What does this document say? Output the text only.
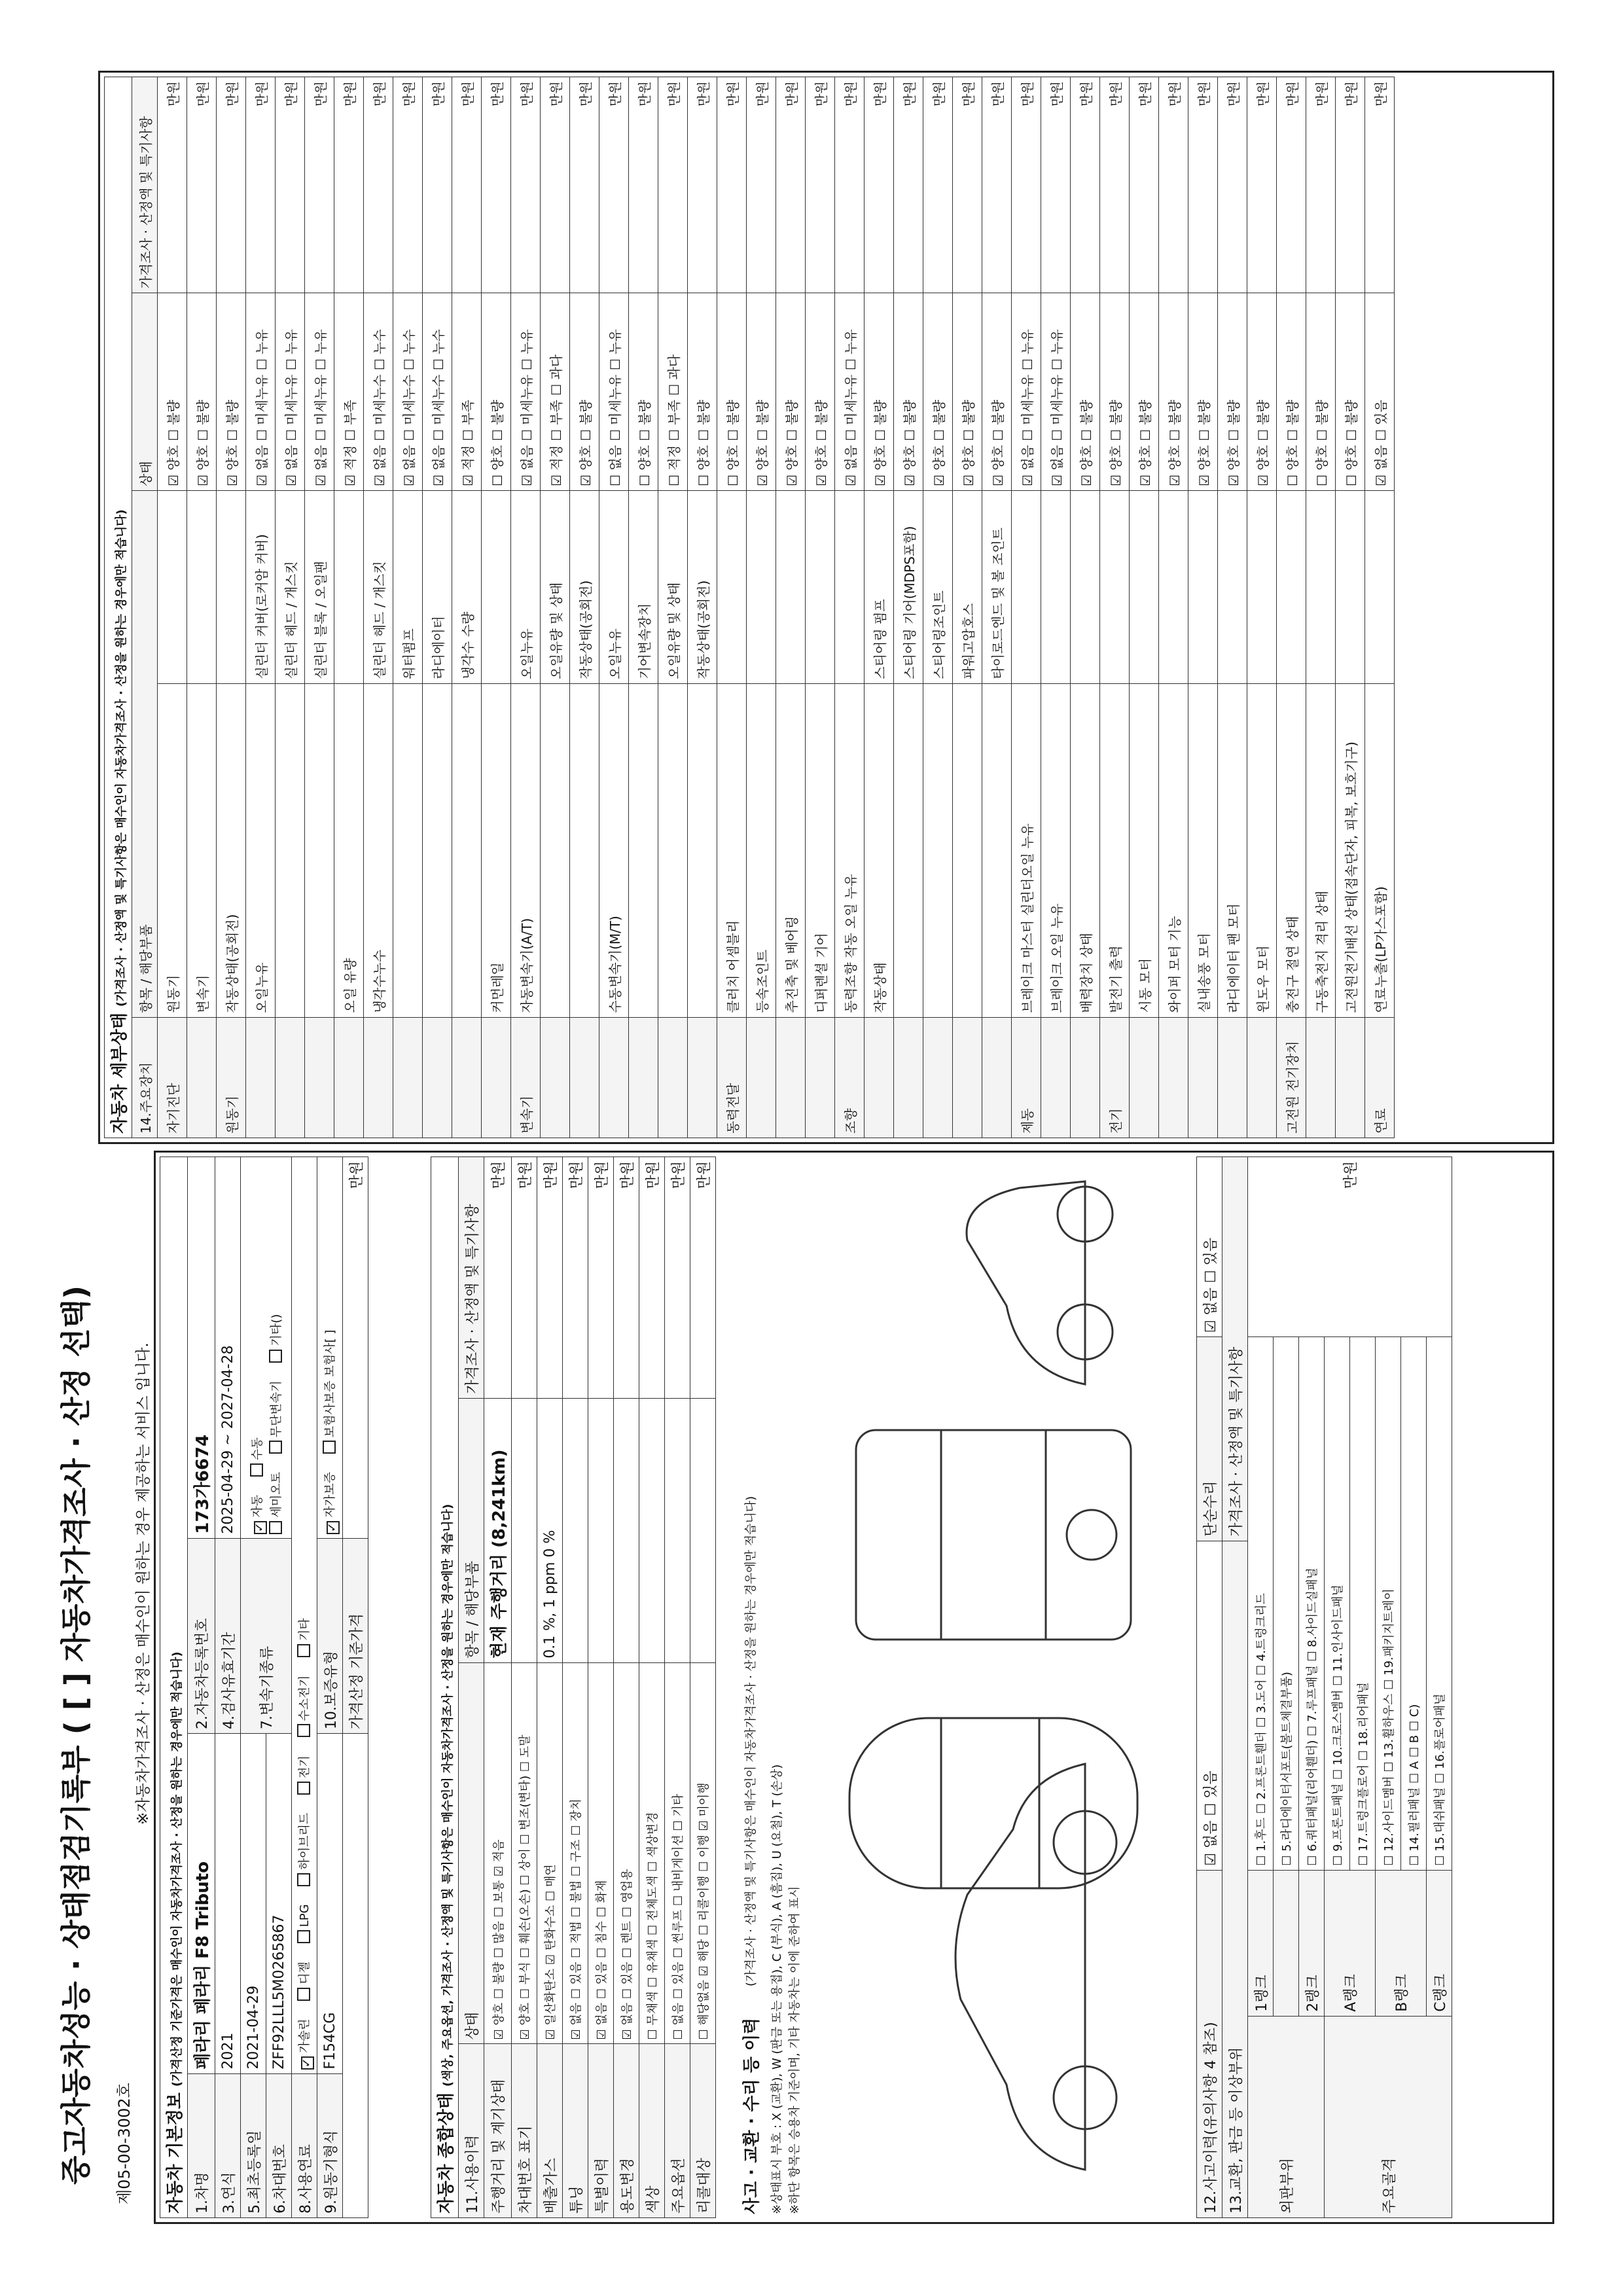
중고자동차성능 · 상태점검기록부 ( [ ] 자동차가격조사 · 산정 선택) 제05-00-3002호
※자동차가격조사 · 산정은 매수인이 원하는 경우 제공하는 서비스 입니다.
자동차 기본정보 (가격산정 기준가격은 매수인이 자동차가격조사 · 산정을 원하는 경우에만 적습니다)			
1.차명	페라리 페라리 F8 Tributo	2.자동차등록번호	173가6674
3.연식	2021	4.검사유효기간	2025-04-29 ~ 2027-04-28
5.최초등록일	2021-04-29	7.변속기종류	✓자동 수동
세미오토 무단변속기 기타()
6.차대번호	ZFF92LLL5M0265867		
8.사용연료	✓가솔린 디젤 LPG 하이브리드 전기 수소전기 기타		
9.원동기형식	F154CG	10.보증유형	✓자가보증 보험사보증 보험사[ ]
		가격산정 기준가격	만원
자동차 종합상태 (색상, 주요옵션, 가격조사 · 산정액 및 특기사항은 매수인이 자동차가격조사 · 산정을 원하는 경우에만 적습니다)			
11.사용이력	상태	항목 / 해당부품	가격조사 · 산정액 및 특기사항
주행거리 및 계기상태	☑ 양호 ☐ 불량 ☐ 많음 ☐ 보통 ☑ 적음	현재 주행거리 (8,241km)	만원
차대번호 표기	☑ 양호 ☐ 부식 ☐ 훼손(오손) ☐ 상이 ☐ 변조(변타) ☐ 도말		만원
배출가스	☑ 일산화탄소 ☑ 탄화수소 ☐ 매연	0.1 %, 1 ppm 0 %	만원
튜닝	☑ 없음 ☐ 있음 ☐ 적법 ☐ 불법 ☐ 구조 ☐ 장치		만원
특별이력	☑ 없음 ☐ 있음 ☐ 침수 ☐ 화재		만원
용도변경	☑ 없음 ☐ 있음 ☐ 렌트 ☐ 영업용		만원
색상	☐ 무채색 ☐ 유채색 ☐ 전체도색 ☐ 색상변경		만원
주요옵션	☐ 없음 ☐ 있음 ☐ 썬루프 ☐ 내비게이션 ☐ 기타		만원
리콜대상	☐ 해당없음 ☑ 해당 ☐ 리콜이행 ☐ 이행 ☑ 미이행		만원
사고 · 교환 · 수리 등 이력
(가격조사 · 산정액 및 특기사항은 매수인이 자동차가격조사 · 산정을 원하는 경우에만 적습니다)
※상태표시 부호 : X (교환), W (판금 또는 용접), C (부식), A (흠집), U (요철), T (손상) ※하단 항목은 승용차 기준이며, 기타 자동차는 이에 준하여 표시	12.사고이력(유의사항 4 참조)		☑ 없음 ☐ 있음	단순수리	☑ 없음 ☐ 있음
13.교환, 판금 등 이상부위			가격조사 · 산정액 및 특기사항	
외판부위	1랭크	☐ 1.후드 ☐ 2.프론트휀더 ☐ 3.도어 ☐ 4.트렁크리드		만원
		☐ 5.라디에이터서포트(볼트체결부품)		
	2랭크	☐ 6.쿼터패널(리어휀더) ☐ 7.루프패널 ☐ 8.사이드실패널		
주요골격	A랭크	☐ 9.프론트패널 ☐ 10.크로스멤버 ☐ 11.인사이드패널		
		☐ 17.트렁크플로어 ☐ 18.리어패널		
	B랭크	☐ 12.사이드멤버 ☐ 13.휠하우스 ☐ 19.패키지트레이		
		☐ 14.필러패널 ☐ A ☐ B ☐ C)		
	C랭크	☐ 15.대쉬패널 ☐ 16.플로어패널		
자동차 세부상태 (가격조사 · 산정액 및 특기사항은 매수인이 자동차가격조사 · 산정을 원하는 경우에만 적습니다)				
14.주요장치	항목 / 해당부품		상태	가격조사 · 산정액 및 특기사항
자기진단	원동기		☑ 양호 ☐ 불량	만원
	변속기		☑ 양호 ☐ 불량	만원
원동기	작동상태(공회전)		☑ 양호 ☐ 불량	만원
	오일누유	실린더 커버(로커암 커버)	☑ 없음 ☐ 미세누유 ☐ 누유	만원
		실린더 헤드 / 개스킷	☑ 없음 ☐ 미세누유 ☐ 누유	만원
		실린더 블록 / 오일팬	☑ 없음 ☐ 미세누유 ☐ 누유	만원
	오일 유량		☑ 적정 ☐ 부족	만원
	냉각수누수	실린더 헤드 / 개스킷	☑ 없음 ☐ 미세누수 ☐ 누수	만원
		워터펌프	☑ 없음 ☐ 미세누수 ☐ 누수	만원
		라디에이터	☑ 없음 ☐ 미세누수 ☐ 누수	만원
		냉각수 수량	☑ 적정 ☐ 부족	만원
	커먼레일		☐ 양호 ☐ 불량	만원
변속기	자동변속기(A/T)	오일누유	☑ 없음 ☐ 미세누유 ☐ 누유	만원
		오일유량 및 상태	☑ 적정 ☐ 부족 ☐ 과다	만원
		작동상태(공회전)	☑ 양호 ☐ 불량	만원
	수동변속기(M/T)	오일누유	☐ 없음 ☐ 미세누유 ☐ 누유	만원
		기어변속장치	☐ 양호 ☐ 불량	만원
		오일유량 및 상태	☐ 적정 ☐ 부족 ☐ 과다	만원
		작동상태(공회전)	☐ 양호 ☐ 불량	만원
동력전달	클러치 어셈블리		☐ 양호 ☐ 불량	만원
	등속조인트		☑ 양호 ☐ 불량	만원
	추진축 및 베어링		☑ 양호 ☐ 불량	만원
	디퍼렌셜 기어		☑ 양호 ☐ 불량	만원
조향	동력조향 작동 오일 누유		☑ 없음 ☐ 미세누유 ☐ 누유	만원
	작동상태	스티어링 펌프	☑ 양호 ☐ 불량	만원
		스티어링 기어(MDPS포함)	☑ 양호 ☐ 불량	만원
		스티어링조인트	☑ 양호 ☐ 불량	만원
		파워고압호스	☑ 양호 ☐ 불량	만원
		타이로드엔드 및 볼 조인트	☑ 양호 ☐ 불량	만원
제동	브레이크 마스터 실린더오일 누유		☑ 없음 ☐ 미세누유 ☐ 누유	만원
	브레이크 오일 누유		☑ 없음 ☐ 미세누유 ☐ 누유	만원
	배력장치 상태		☑ 양호 ☐ 불량	만원
전기	발전기 출력		☑ 양호 ☐ 불량	만원
	시동 모터		☑ 양호 ☐ 불량	만원
	와이퍼 모터 기능		☑ 양호 ☐ 불량	만원
	실내송풍 모터		☑ 양호 ☐ 불량	만원
	라디에이터 팬 모터		☑ 양호 ☐ 불량	만원
	윈도우 모터		☑ 양호 ☐ 불량	만원
고전원 전기장치	충전구 절연 상태		☐ 양호 ☐ 불량	만원
	구동축전지 격리 상태		☐ 양호 ☐ 불량	만원
	고전원전기배선 상태(접속단자, 피복, 보호기구)		☐ 양호 ☐ 불량	만원
연료	연료누출(LP가스포함)		☑ 없음 ☐ 있음	만원
